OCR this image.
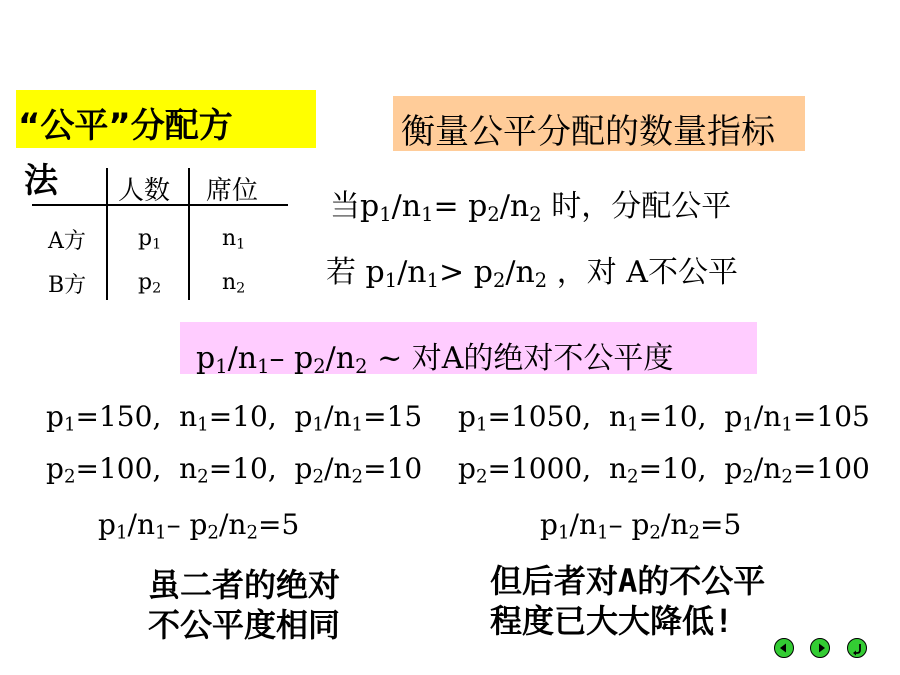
“公平”分配方
法
衡量公平分配的数量指标
人数 席位
A方 $p_1$	$n_1$
B方 $p_2$	$n_2$
当$p_1/n_1= p_2/n_2$ 时，分配公平
若 $p_1/n_1> p_2/n_2$ ，对 A不公平
$p_1/n_1-$ $p_2/n_2$ ~ 对A的绝对不公平度
$p_1=150$,  $n_1=10$,  $p_1/n_1=15$
$p_2=100$,  $n_2=10$,  $p_2/n_2=10$
$p_1/n_1-$ $p_2/n_2=5$
虽二者的绝对
不公平度相同
$p_1=1050$,  $n_1=10$,  $p_1/n_1=105$
$p_2=1000$,  $n_2=10$,  $p_2/n_2=100$
$p_1/n_1-$ $p_2/n_2=5$
但后者对A的不公平
程度已大大降低!
